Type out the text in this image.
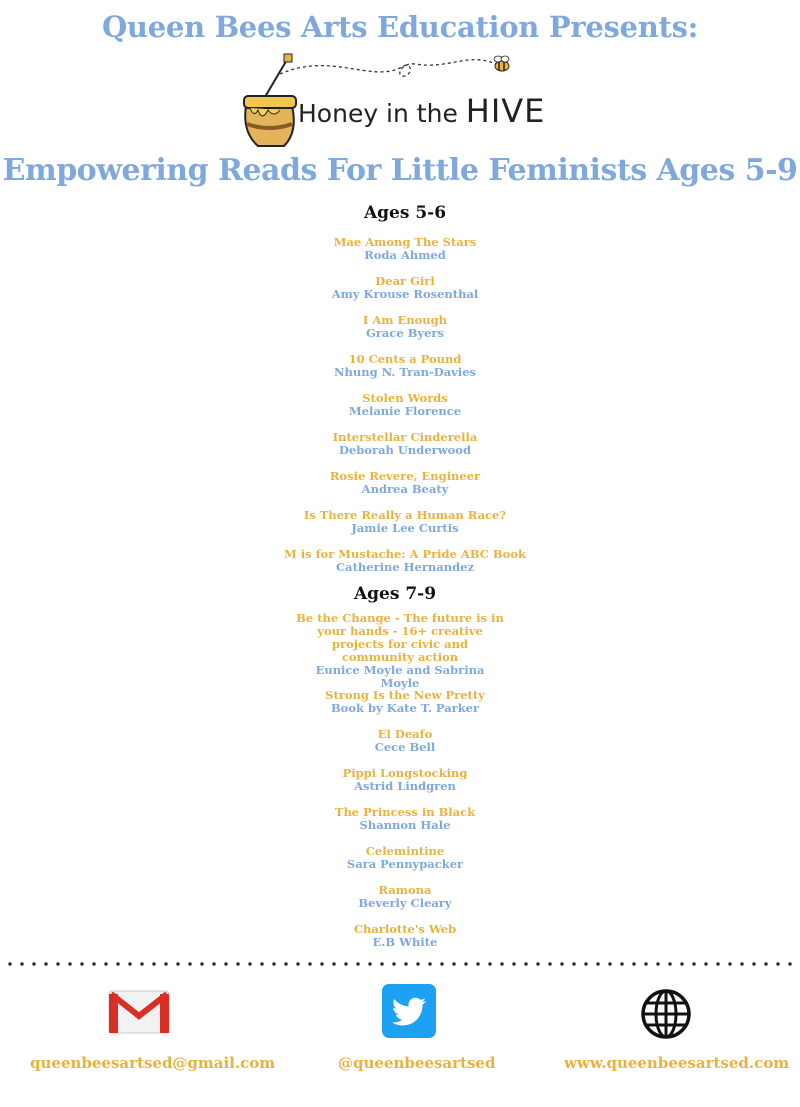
Queen Bees Arts Education Presents:
Honey in the HIVE
Empowering Reads For Little Feminists Ages 5-9
Ages 5-6
Mae Among The Stars
Roda Ahmed
Dear Girl
Amy Krouse Rosenthal
I Am Enough
Grace Byers
10 Cents a Pound
Nhung N. Tran-Davies
Stolen Words
Melanie Florence
Interstellar Cinderella
Deborah Underwood
Rosie Revere, Engineer
Andrea Beaty
Is There Really a Human Race?
Jamie Lee Curtis
M is for Mustache: A Pride ABC Book
Catherine Hernandez
Ages 7-9
Be the Change - The future is in your hands - 16+ creative projects for civic and community action
Eunice Moyle and Sabrina Moyle
Strong Is the New Pretty
Book by Kate T. Parker
El Deafo
Cece Bell
Pippi Longstocking
Astrid Lindgren
The Princess in Black
Shannon Hale
Celemintine
Sara Pennypacker
Ramona
Beverly Cleary
Charlotte's Web
E.B White
queenbeesartsed@gmail.com	@queenbeesartsed	www.queenbeesartsed.com
